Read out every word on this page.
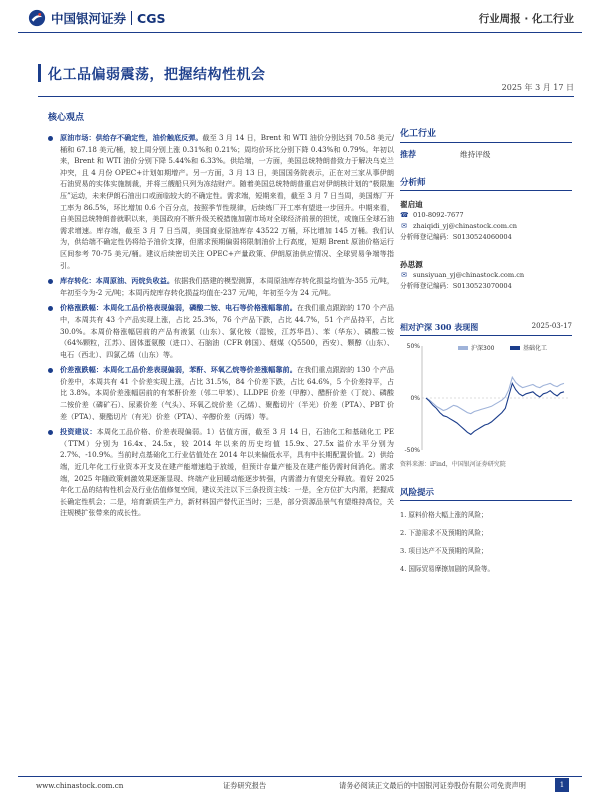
中国银河证券 CGS	行业周报 · 化工行业
化工品偏弱震荡，把握结构性机会
2025 年 3 月 17 日
核心观点
原油市场：供给存不确定性，油价触底反弹。截至 3 月 14 日，Brent 和 WTI 油价分别达到 70.58 美元/桶和 67.18 美元/桶，较上周分别上涨 0.31%和 0.21%；周均价环比分别下降 0.43%和 0.79%。年初以来，Brent 和 WTI 油价分别下降 5.44%和 6.33%。供给端，一方面，美国总统特朗普致力于解决乌克兰冲突，且 4 月份 OPEC+计划如期增产。另一方面，3 月 13 日，美国国务院表示，正在对三家从事伊朗石油贸易的实体实施制裁，并将三艘船只列为冻结财产。随着美国总统特朗普重启对伊朗核计划的“极限施压”运动，未来伊朗石油出口或面临较大的不确定性。需求端，短期来看，截至 3 月 7 日当周，美国炼厂开工率为 86.5%，环比增加 0.6 个百分点，按照季节性规律，后续炼厂开工率有望进一步回升。中期来看，自美国总统特朗普就职以来，美国政府不断升级关税措施加剧市场对全球经济前景的担忧，或施压全球石油需求增速。库存端，截至 3 月 7 日当周，美国商业原油库存 43522 万桶，环比增加 145 万桶。我们认为，供给端不确定性仍将给予油价支撑，但需求预期偏弱将限制油价上行高度，短期 Brent 原油价格运行区间参考 70-75 美元/桶。建议后续密切关注 OPEC+产量政策、伊朗原油供应情况、全球贸易争端等指引。
库存转化：本周原油、丙烷负收益。依据我们搭建的模型测算，本周原油库存转化损益均值为-355 元/吨，年初至今为-2 元/吨；本周丙烷库存转化损益均值在-237 元/吨，年初至今为 24 元/吨。
价格涨跌幅：本周化工品价格表现偏弱，磷酸二铵、电石等价格涨幅靠前。在我们重点跟踪的 170 个产品中，本周共有 43 个产品实现上涨，占比 25.3%，76 个产品下跌，占比 44.7%，51 个产品持平，占比 30.0%。本周价格涨幅居前的产品有液氯（山东）、氯化铵（湿铵，江苏华昌）、苯（华东）、磷酸二铵（64%颗粒，江苏）、固体蛋氨酸（进口）、石脑油（CFR 韩国）、烟煤（Q5500，西安）、颗醇（山东）、电石（西北）、四氯乙烯（山东）等。
价差涨跌幅：本周化工品价差表现偏弱，苯酐、环氧乙烷等价差涨幅靠前。在我们重点跟踪的 130 个产品价差中，本周共有 41 个价差实现上涨，占比 31.5%，84 个价差下跌，占比 64.6%，5 个价差持平，占比 3.8%。本周价差涨幅居前的有苯酐价差（邻二甲苯）、LLDPE 价差（甲醇）、醋酐价差（丁烷）、磷酸二铵价差（磷矿石）、尿素价差（气头）、环氧乙烷价差（乙烯）、聚酯切片（半光）价差（PTA）、PBT 价差（PTA）、聚酯切片（有光）价差（PTA）、辛醇价差（丙烯）等。
投资建议：本周化工品价格、价差表现偏弱。1）估值方面，截至 3 月 14 日，石油化工和基础化工 PE（TTM）分别为 16.4x、24.5x，较 2014 年以来的历史均值 15.9x、27.5x 溢价水平分别为 2.7%、-10.9%。当前时点基础化工行业估值处在 2014 年以来偏低水平，具有中长期配置价值。2）供给端，近几年化工行业资本开支及在建产能增速趋于放缓，但预计存量产能及在建产能仍需时间消化。需求端，2025 年随政策刺激效果逐渐显现、终端产业回暖动能逐步转强，内需潜力有望充分释放。看好 2025 年化工品的结构性机会及行业估值修复空间，建议关注以下三条投资主线：一是，全方位扩大内需，把握成长确定性机会；二是，培育新质生产力，新材料国产替代正当时；三是，部分资源品景气有望维持高位，关注规模扩张带来的成长性。
化工行业
推荐	维持评级
分析师
翟启迪
☎ 010-8092-7677
✉ zhaiqidi_yj@chinastock.com.cn
分析师登记编码：S0130524060004
孙思源
✉ sunsiyuan_yj@chinastock.com.cn
分析师登记编码：S0130523070004
相对沪深 300 表现图	2025-03-17
50%
0%
-50%
沪深300	基础化工
资料来源：iFind，中国银河证券研究院
风险提示
1. 原料价格大幅上涨的风险；
2. 下游需求不及预期的风险；
3. 项目达产不及预期的风险；
4. 国际贸易摩擦加剧的风险等。
www.chinastock.com.cn	证券研究报告	请务必阅读正文最后的中国银河证券股份有限公司免责声明	1
